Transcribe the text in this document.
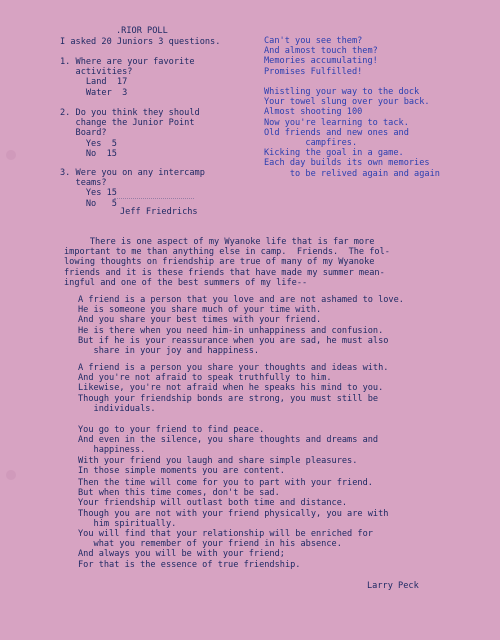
.RIOR POLL
I asked 20 Juniors 3 questions.
1. Where are your favorite
activities?
Land  17
Water  3
2. Do you think they should
change the Junior Point
Board?
Yes  5
No  15
3. Were you on any intercamp
teams?
Yes 15
No   5
Jeff Friedrichs
Can't you see them?
And almost touch them?
Memories accumulating!
Promises Fulfilled!

Whistling your way to the dock
Your towel slung over your back.
Almost shooting 100
Now you're learning to tack.
Old friends and new ones and
campfires.
Kicking the goal in a game.
Each day builds its own memories
to be relived again and again
There is one aspect of my Wyanoke life that is far more
important to me than anything else in camp.  Friends.  The fol-
lowing thoughts on friendship are true of many of my Wyanoke
friends and it is these friends that have made my summer mean-
ingful and one of the best summers of my life--
A friend is a person that you love and are not ashamed to love.
He is someone you share much of your time with.
And you share your best times with your friend.
He is there when you need him-in unhappiness and confusion.
But if he is your reassurance when you are sad, he must also
share in your joy and happiness.
A friend is a person you share your thoughts and ideas with.
And you're not afraid to speak truthfully to him.
Likewise, you're not afraid when he speaks his mind to you.
Though your friendship bonds are strong, you must still be
individuals.
You go to your friend to find peace.
And even in the silence, you share thoughts and dreams and
happiness.
With your friend you laugh and share simple pleasures.
In those simple moments you are content.
Then the time will come for you to part with your friend.
But when this time comes, don't be sad.
Your friendship will outlast both time and distance.
Though you are not with your friend physically, you are with
him spiritually.
You will find that your relationship will be enriched for
what you remember of your friend in his absence.
And always you will be with your friend;
For that is the essence of true friendship.
Larry Peck
